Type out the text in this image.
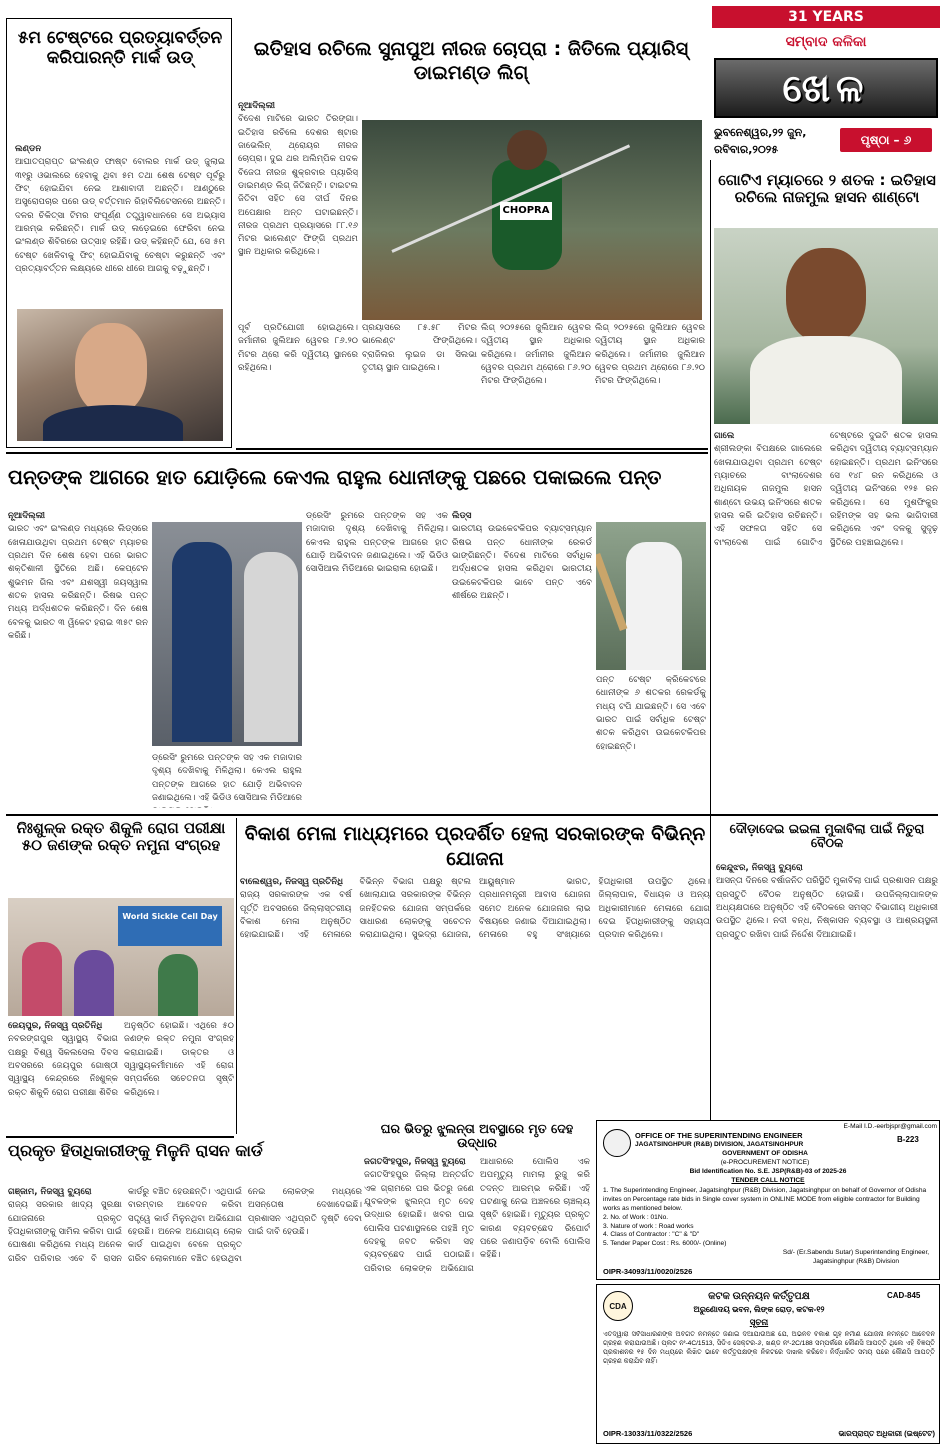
31 YEARS
ସମ୍ବାଦ କଳିକା
ଖେଳ
ଭୁବନେଶ୍ୱର,୨୨ ଜୁନ,
ରବିବାର,୨୦୨୫
ପୃଷ୍ଠା – ୬
୫ମ ଟେଷ୍ଟରେ ପ୍ରତ୍ୟାବର୍ତ୍ତନ କରିପାରନ୍ତି ମାର୍କ ଉଡ୍
ଲଣ୍ଡନ
ଆଘାତପ୍ରାପ୍ତ ଇଂଲଣ୍ଡ ଫାଷ୍ଟ ବୋଲର ମାର୍କ ଉଡ୍ ଜୁଲାଇ ୩୧ରୁ ଓଭାଲରେ ହେବାକୁ ଥିବା ୫ମ ତଥା ଶେଷ ଟେଷ୍ଟ ପୂର୍ବରୁ ଫିଟ୍ ହୋଇଯିବା ନେଇ ଆଶାବାଦୀ ଅଛନ୍ତି। ଆଣ୍ଠୁରେ ଅସ୍ତ୍ରୋପଚାର ପରେ ଉଡ୍ ବର୍ତ୍ତମାନ ରିହାବିଲିଟେସନରେ ଅଛନ୍ତି। ଦଳର ଚିକିତ୍ସା ଟିମର ସଂପୂର୍ଣ୍ଣ ତତ୍ତ୍ୱାବଧାନରେ ସେ ଅଭ୍ୟାସ ଆରମ୍ଭ କରିଛନ୍ତି। ମାର୍କ ଉଡ୍ ଲଡ଼େଇରେ ଫେରିବା ନେଇ ଇଂଲଣ୍ଡ ଶିବିରରେ ଉତ୍ସାହ ରହିଛି। ଉଡ୍ କହିଛନ୍ତି ଯେ, ସେ ୫ମ ଟେଷ୍ଟ ଖେଳିବାକୁ ଫିଟ୍ ହୋଇଯିବାକୁ ଚେଷ୍ଟା କରୁଛନ୍ତି ଏବଂ ପ୍ରତ୍ୟାବର୍ତ୍ତନ ଲକ୍ଷ୍ୟରେ ଧୀରେ ଧୀରେ ଆଗକୁ ବଢ଼ୁଛନ୍ତି।
ଇତିହାସ ରଚିଲେ ସୁନାପୁଅ ନୀରଜ ଚୋପ୍ରା : ଜିତିଲେ ପ୍ୟାରିସ୍ ଡାଇମଣ୍ଡ ଲିଗ୍
ନୂଆଦିଲ୍ଲୀ
ବିଦେଶ ମାଟିରେ ଭାରତ ତିରଙ୍ଗା। ଇତିହାସ ରଚିଲେ ଦେଶର ଷ୍ଟାର ଜାଭେଲିନ୍ ଥ୍ରୋୟର ନୀରଜ ଚୋପ୍ରା। ଦୁଇ ଥର ଅଲିମ୍ପିକ ପଦକ ବିଜେତା ନୀରଜ ଶୁକ୍ରବାର ପ୍ୟାରିସ୍ ଡାଇମଣ୍ଡ ଲିଗ୍ ଜିତିଛନ୍ତି। ଟାଇଟଲ ଜିତିବା ସହିତ ସେ ଦୀର୍ଘ ଦିନର ଅପେକ୍ଷାର ଅନ୍ତ ଘଟାଇଛନ୍ତି। ନୀରଜ ପ୍ରଥମ ପ୍ରୟାସରେ ୮୮.୧୬ ମିଟର ଭାଲେଣ୍ଟ ଫିଙ୍ଗି ପ୍ରଥମ ସ୍ଥାନ ଅଧିକାର କରିଥିଲେ।
CHOPRA
ପୂର୍ବ ପ୍ରତିଯୋଗୀ ହୋଇଥିଲେ। ଜର୍ମାନୀର ଜୁଲିଆନ ୱେବର ୮୬.୨୦ ମିଟର ଥ୍ରୋ କରି ଦ୍ୱିତୀୟ ସ୍ଥାନରେ ରହିଥିଲେ।
ପ୍ରୟାସରେ ୮୫.୫୮ ମିଟର ଭାଲେଣ୍ଟ ଫିଙ୍ଗିଥିଲେ। ବ୍ରାଜିଲର ଲୁଇଜ ଡା ସିଲଭା ତୃତୀୟ ସ୍ଥାନ ପାଇଥିଲେ।
ଲିଗ୍ ୨୦୨୫ରେ ଜୁଲିଆନ ୱେବର ଦ୍ୱିତୀୟ ସ୍ଥାନ ଅଧିକାର କରିଥିଲେ। ଜର୍ମାନୀର ଜୁଲିଆନ ୱେବର ପ୍ରଥମ ଥ୍ରୋରେ ୮୬.୨୦ ମିଟର ଫିଙ୍ଗିଥିଲେ।
ଲିଗ୍ ୨୦୨୫ରେ ଜୁଲିଆନ ୱେବର ଦ୍ୱିତୀୟ ସ୍ଥାନ ଅଧିକାର କରିଥିଲେ। ଜର୍ମାନୀର ଜୁଲିଆନ ୱେବର ପ୍ରଥମ ଥ୍ରୋରେ ୮୬.୨୦ ମିଟର ଫିଙ୍ଗିଥିଲେ।
ଗୋଟିଏ ମ୍ୟାଚରେ ୨ ଶତକ : ଇତିହାସ ରଚିଲେ ନାଜମୁଲ ହାସନ ଶାଣ୍ଟୋ
ଗାଲେ
ଶ୍ରୀଲଙ୍କା ବିପକ୍ଷରେ ଗାଲେରେ ଖେଳାଯାଉଥିବା ପ୍ରଥମ ଟେଷ୍ଟ ମ୍ୟାଚରେ ବାଂଲାଦେଶର ଅଧିନାୟକ ନାଜମୁଲ ହାସନ ଶାଣ୍ଟୋ ଉଭୟ ଇନିଂସରେ ଶତକ ହାସଲ କରି ଇତିହାସ ରଚିଛନ୍ତି। ଏହି ସଫଳତା ସହିତ ସେ ବାଂଲାଦେଶ ପାଇଁ ଗୋଟିଏ ଟେଷ୍ଟରେ ଦୁଇଟି ଶତକ ହାସଲ କରିଥିବା ଦ୍ୱିତୀୟ ବ୍ୟାଟ୍ସମ୍ୟାନ ହୋଇଛନ୍ତି। ପ୍ରଥମ ଇନିଂସରେ ସେ ୧୪୮ ରନ କରିଥିଲେ ଓ ଦ୍ୱିତୀୟ ଇନିଂସରେ ୧୨୫ ରନ କରିଥିଲେ। ସେ ମୁଶଫିକୁର ରହିମଙ୍କ ସହ ଭଲ ଭାଗିଦାରୀ କରିଥିଲେ ଏବଂ ଦଳକୁ ସୁଦୃଢ଼ ସ୍ଥିତିରେ ପହଞ୍ଚାଇଥିଲେ।
ପନ୍ତଙ୍କ ଆଗରେ ହାତ ଯୋଡ଼ିଲେ କେଏଲ ରାହୁଲ ଧୋନୀଙ୍କୁ ପଛରେ ପକାଇଲେ ପନ୍ତ
ନୂଆଦିଲ୍ଲୀ
ଭାରତ ଏବଂ ଇଂଲଣ୍ଡ ମଧ୍ୟରେ ଲିଡ୍ସରେ ଖେଳାଯାଉଥିବା ପ୍ରଥମ ଟେଷ୍ଟ ମ୍ୟାଚର ପ୍ରଥମ ଦିନ ଶେଷ ହେବା ପରେ ଭାରତ ଶକ୍ତିଶାଳୀ ସ୍ଥିତିରେ ଅଛି। କେପ୍ଟେନ ଶୁଭମନ ଗିଲ ଏବଂ ଯଶସ୍ୱୀ ଜୟସ୍ୱାଲ ଶତକ ହାସଲ କରିଛନ୍ତି। ରିଷଭ ପନ୍ତ ମଧ୍ୟ ଅର୍ଦ୍ଧଶତକ କରିଛନ୍ତି। ଦିନ ଶେଷ ବେଳକୁ ଭାରତ ୩ ୱିକେଟ ହରାଇ ୩୫୯ ରନ କରିଛି।
ଡ୍ରେସିଂ ରୁମରେ ପନ୍ତଙ୍କ ସହ ଏକ ମଜାଦାର ଦୃଶ୍ୟ ଦେଖିବାକୁ ମିଳିଥିଲା। କେଏଲ ରାହୁଲ ପନ୍ତଙ୍କ ଆଗରେ ହାତ ଯୋଡ଼ି ଅଭିବାଦନ ଜଣାଇଥିଲେ। ଏହି ଭିଡିଓ ସୋସିଆଲ ମିଡିଆରେ
ଡ୍ରେସିଂ ରୁମରେ ପନ୍ତଙ୍କ ସହ ଏକ ମଜାଦାର ଦୃଶ୍ୟ ଦେଖିବାକୁ ମିଳିଥିଲା। କେଏଲ ରାହୁଲ ପନ୍ତଙ୍କ ଆଗରେ ହାତ ଯୋଡ଼ି ଅଭିବାଦନ ଜଣାଇଥିଲେ। ଏହି ଭିଡିଓ ସୋସିଆଲ ମିଡିଆରେ ଭାଇରାଲ ହୋଇଛି।
ଲିଡ୍ସ
ଭାରତୀୟ ଉଇକେଟକିପର ବ୍ୟାଟ୍ସମ୍ୟାନ ରିଷଭ ପନ୍ତ ଧୋନୀଙ୍କ ରେକର୍ଡ ଭାଙ୍ଗିଛନ୍ତି। ବିଦେଶ ମାଟିରେ ସର୍ବାଧିକ ଅର୍ଦ୍ଧଶତକ ହାସଲ କରିଥିବା ଭାରତୀୟ ଉଇକେଟକିପର ଭାବେ ପନ୍ତ ଏବେ ଶୀର୍ଷରେ ଅଛନ୍ତି।
ପନ୍ତ ଟେଷ୍ଟ କ୍ରିକେଟରେ ଧୋନୀଙ୍କ ୬ ଶତକର ରେକର୍ଡକୁ ମଧ୍ୟ ଟପି ଯାଇଛନ୍ତି। ସେ ଏବେ ଭାରତ ପାଇଁ ସର୍ବାଧିକ ଟେଷ୍ଟ ଶତକ କରିଥିବା ଉଇକେଟକିପର ହୋଇଛନ୍ତି।
ନିଃଶୁଳ୍କ ରକ୍ତ ଶିକୁଳି ରୋଗ ପରୀକ୍ଷା ୫୦ ଜଣଙ୍କ ରକ୍ତ ନମୁନା ସଂଗ୍ରହ
World Sickle Cell Day
ଜେୟପୁର, ନିଜସ୍ୱ ପ୍ରତିନିଧି
ନବରଙ୍ଗପୁର ସ୍ୱାସ୍ଥ୍ୟ ବିଭାଗ ପକ୍ଷରୁ ବିଶ୍ୱ ସିକଲସେଲ ଦିବସ ଅବସରରେ ଜେୟପୁର ଗୋଷ୍ଠୀ ସ୍ୱାସ୍ଥ୍ୟ କେନ୍ଦ୍ରରେ ନିଃଶୁଳ୍କ ରକ୍ତ ଶିକୁଳି ରୋଗ ପରୀକ୍ଷା ଶିବିର ଅନୁଷ୍ଠିତ ହୋଇଛି। ଏଥିରେ ୫୦ ଜଣଙ୍କ ରକ୍ତ ନମୁନା ସଂଗ୍ରହ କରାଯାଇଛି। ଡାକ୍ତର ଓ ସ୍ୱାସ୍ଥ୍ୟକର୍ମୀମାନେ ଏହି ରୋଗ ସମ୍ପର୍କରେ ସଚେତନତା ସୃଷ୍ଟି କରିଥିଲେ।
ବିକାଶ ମେଳା ମାଧ୍ୟମରେ ପ୍ରଦର୍ଶିତ ହେଲା ସରକାରଙ୍କ ବିଭିନ୍ନ ଯୋଜନା
ବାଲେଶ୍ୱର, ନିଜସ୍ୱ ପ୍ରତିନିଧି
ରାଜ୍ୟ ସରକାରଙ୍କ ଏକ ବର୍ଷ ପୂର୍ତ୍ତି ଅବସରରେ ଜିଲ୍ଲାସ୍ତରୀୟ ବିକାଶ ମେଳା ଅନୁଷ୍ଠିତ ହୋଇଯାଇଛି। ଏହି ମେଳାରେ ବିଭିନ୍ନ ବିଭାଗ ପକ୍ଷରୁ ଷ୍ଟଲ ଖୋଲାଯାଇ ସରକାରଙ୍କ ବିଭିନ୍ନ ଜନହିତକର ଯୋଜନା ସମ୍ପର୍କରେ ସାଧାରଣ ଲୋକଙ୍କୁ ସଚେତନ କରାଯାଇଥିଲା। ସୁଭଦ୍ରା ଯୋଜନା, ଆୟୁଷ୍ମାନ ଭାରତ, ପ୍ରଧାନମନ୍ତ୍ରୀ ଆବାସ ଯୋଜନା ସମେତ ଅନେକ ଯୋଜନାର ଲାଭ ବିଷୟରେ ଜଣାଇ ଦିଆଯାଇଥିଲା। ମେଳାରେ ବହୁ ସଂଖ୍ୟାରେ ହିତାଧିକାରୀ ଉପସ୍ଥିତ ଥିଲେ। ଜିଲ୍ଲାପାଳ, ବିଧାୟକ ଓ ଅନ୍ୟ ଅଧିକାରୀମାନେ ମେଳାରେ ଯୋଗ ଦେଇ ହିତାଧିକାରୀଙ୍କୁ ସହାୟତା ପ୍ରଦାନ କରିଥିଲେ।
ଦୌଡ଼ାଦେଇ ଇଇଳା ମୁକାବିଲା ପାଇଁ ନିତୁରା ବୈଠକ
କେନ୍ଦୁଝର, ନିଜସ୍ୱ ବ୍ୟୁରୋ
ଆସନ୍ତା ଦିନରେ ବର୍ଷାଜନିତ ପରିସ୍ଥିତି ମୁକାବିଲା ପାଇଁ ପ୍ରଶାସନ ପକ୍ଷରୁ ପ୍ରସ୍ତୁତି ବୈଠକ ଅନୁଷ୍ଠିତ ହୋଇଛି। ଉପଜିଲ୍ଲାପାଳଙ୍କ ଅଧ୍ୟକ୍ଷତାରେ ଅନୁଷ୍ଠିତ ଏହି ବୈଠକରେ ସମସ୍ତ ବିଭାଗୀୟ ଅଧିକାରୀ ଉପସ୍ଥିତ ଥିଲେ। ନଦୀ ବନ୍ଧ, ନିଷ୍କାସନ ବ୍ୟବସ୍ଥା ଓ ଆଶ୍ରୟସ୍ଥଳୀ ପ୍ରସ୍ତୁତ ରଖିବା ପାଇଁ ନିର୍ଦ୍ଦେଶ ଦିଆଯାଇଛି।
ଘର ଭିତରୁ ଝୁଲନ୍ତା ଅବସ୍ଥାରେ ମୃତ ଦେହ ଉଦ୍ଧାର
ଜଗତସିଂହପୁର, ନିଜସ୍ୱ ବ୍ୟୁରୋ
ଜଗତସିଂହପୁର ଜିଲ୍ଲା ଅନ୍ତର୍ଗତ ଏକ ଗ୍ରାମରେ ଘର ଭିତରୁ ଜଣେ ଯୁବକଙ୍କ ଝୁଲନ୍ତା ମୃତ ଦେହ ଉଦ୍ଧାର ହୋଇଛି। ଖବର ପାଇ ପୋଲିସ ଘଟଣାସ୍ଥଳରେ ପହଞ୍ଚି ମୃତ ଦେହକୁ ଜବତ କରିବା ସହ ବ୍ୟବଚ୍ଛେଦ ପାଇଁ ପଠାଇଛି। ପରିବାର ଲୋକଙ୍କ ଅଭିଯୋଗ ଆଧାରରେ ପୋଲିସ ଏକ ଅପମୃତ୍ୟୁ ମାମଲା ରୁଜୁ କରି ତଦନ୍ତ ଆରମ୍ଭ କରିଛି। ଏହି ଘଟଣାକୁ ନେଇ ଅଞ୍ଚଳରେ ଚାଞ୍ଚଲ୍ୟ ସୃଷ୍ଟି ହୋଇଛି। ମୃତ୍ୟୁର ପ୍ରକୃତ କାରଣ ବ୍ୟବଚ୍ଛେଦ ରିପୋର୍ଟ ପରେ ଜଣାପଡ଼ିବ ବୋଲି ପୋଲିସ କହିଛି।
ପ୍ରକୃତ ହିତାଧିକାରୀଙ୍କୁ ମିଳୁନି ରାସନ କାର୍ଡ
ଗଞ୍ଜାମ, ନିଜସ୍ୱ ବ୍ୟୁରୋ
ରାଜ୍ୟ ସରକାର ଖାଦ୍ୟ ସୁରକ୍ଷା ଯୋଜନାରେ ପ୍ରକୃତ ହିତାଧିକାରୀଙ୍କୁ ସାମିଲ କରିବା ପାଇଁ ଘୋଷଣା କରିଥିଲେ ମଧ୍ୟ ଅନେକ ଗରିବ ପରିବାର ଏବେ ବି ରାସନ କାର୍ଡରୁ ବଞ୍ଚିତ ହେଉଛନ୍ତି। ଏଥିପାଇଁ ବାରମ୍ବାର ଆବେଦନ କରିବା ସତ୍ତ୍ୱେ କାର୍ଡ ମିଳୁନଥିବା ଅଭିଯୋଗ ହେଉଛି। ଅନେକ ଅଯୋଗ୍ୟ ଲୋକ କାର୍ଡ ପାଇଥିବା ବେଳେ ପ୍ରକୃତ ଗରିବ ଲୋକମାନେ ବଞ୍ଚିତ ହେଉଥିବା ନେଇ ଲୋକଙ୍କ ମଧ୍ୟରେ ଅସନ୍ତୋଷ ଦେଖାଦେଇଛି। ପ୍ରଶାସନ ଏଥିପ୍ରତି ଦୃଷ୍ଟି ଦେବା ପାଇଁ ଦାବି ହେଉଛି।
E-Mail I.D.-eerbjspr@gmail.com
B-223
OFFICE OF THE SUPERINTENDING ENGINEER
JAGATSINGHPUR (R&B) DIVISION, JAGATSINGHPUR
GOVERNMENT OF ODISHA
(e-PROCUREMENT NOTICE)
Bid Identification No. S.E. JSP(R&B)-03 of 2025-26
TENDER CALL NOTICE
1. The Superintending Engineer, Jagatsinghpur (R&B) Division, Jagatsinghpur on behalf of Governor of Odisha invites on Percentage rate bids in Single cover system in ONLINE MODE from eligible contractor for Building works as mentioned below.
2. No. of Work : 01No.
3. Nature of work : Road works
4. Class of Contractor : "C" & "D"
5. Tender Paper Cost : Rs. 6000/- (Online)
Sd/- (Er.Sabendu Sutar) Superintending Engineer, Jagatsinghpur (R&B) Division
OIPR-34093/11/0020/2526
CDA
CAD-845
କଟକ ଉନ୍ନୟନ କର୍ତ୍ତୃପକ୍ଷ
ଅରୁଣୋଦୟ ଭବନ, ଲିଙ୍କ ରୋଡ଼, କଟକ-୧୨
ସୂଚନା
ଏତଦ୍ୱାରା ସର୍ବସାଧାରଣଙ୍କ ଅବଗତି ନିମନ୍ତେ ଜଣାଇ ଦିଆଯାଉଅଛି ଯେ, ଅଭିନବ ବିକାଶ ଗୃହ ନିର୍ମାଣ ଯୋଜନା ନିମନ୍ତେ ଆବେଦନ ଗ୍ରହଣ କରାଯାଉଅଛି। ପ୍ଲଟ ନଂ-4C/1513, ସିଡିଏ ସେକ୍ଟର-୬, ଖଣ୍ଡ ନଂ-2C/188 ସମ୍ପର୍କରେ କୌଣସି ଆପତ୍ତି ଥିଲେ ଏହି ବିଜ୍ଞପ୍ତି ପ୍ରକାଶନର ୧୫ ଦିନ ମଧ୍ୟରେ ଲିଖିତ ଭାବେ କର୍ତ୍ତୃପକ୍ଷଙ୍କ ନିକଟରେ ଦାଖଲ କରିବେ। ନିର୍ଦ୍ଧାରିତ ସମୟ ପରେ କୌଣସି ଆପତ୍ତି ଗ୍ରହଣ କରାଯିବ ନାହିଁ।
OIPR-13033/11/0322/2526	ଭାରପ୍ରାପ୍ତ ଅଧିକାରୀ (ଇଷ୍ଟେଟ)
